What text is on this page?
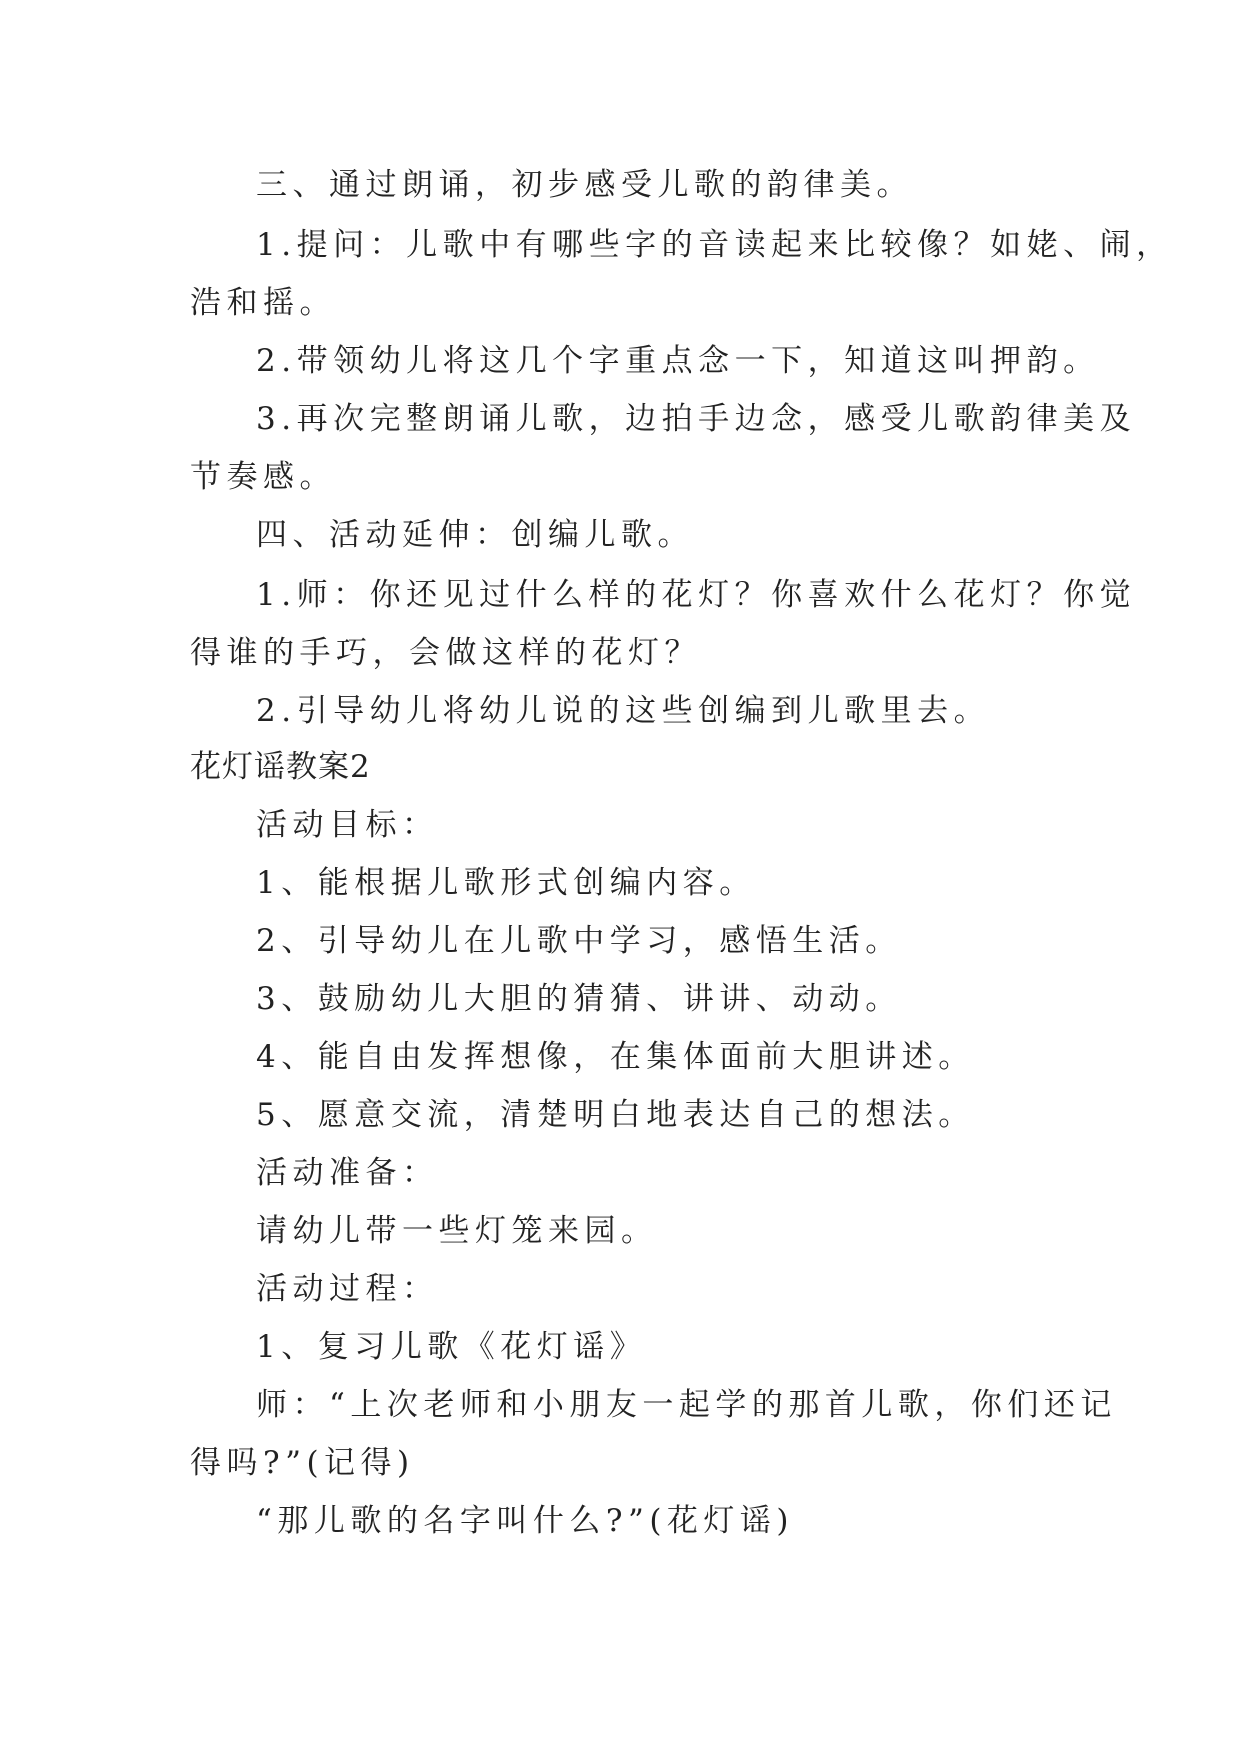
三、通过朗诵，初步感受儿歌的韵律美。
1.提问：儿歌中有哪些字的音读起来比较像？如姥、闹，
浩和摇。
2.带领幼儿将这几个字重点念一下，知道这叫押韵。
3.再次完整朗诵儿歌，边拍手边念，感受儿歌韵律美及
节奏感。
四、活动延伸：创编儿歌。
1.师：你还见过什么样的花灯？你喜欢什么花灯？你觉
得谁的手巧，会做这样的花灯？
2.引导幼儿将幼儿说的这些创编到儿歌里去。
花灯谣教案2
活动目标：
1、能根据儿歌形式创编内容。
2、引导幼儿在儿歌中学习，感悟生活。
3、鼓励幼儿大胆的猜猜、讲讲、动动。
4、能自由发挥想像，在集体面前大胆讲述。
5、愿意交流，清楚明白地表达自己的想法。
活动准备：
请幼儿带一些灯笼来园。
活动过程：
1、复习儿歌《花灯谣》
师：“上次老师和小朋友一起学的那首儿歌，你们还记
得吗?”(记得)
“那儿歌的名字叫什么?”(花灯谣)
